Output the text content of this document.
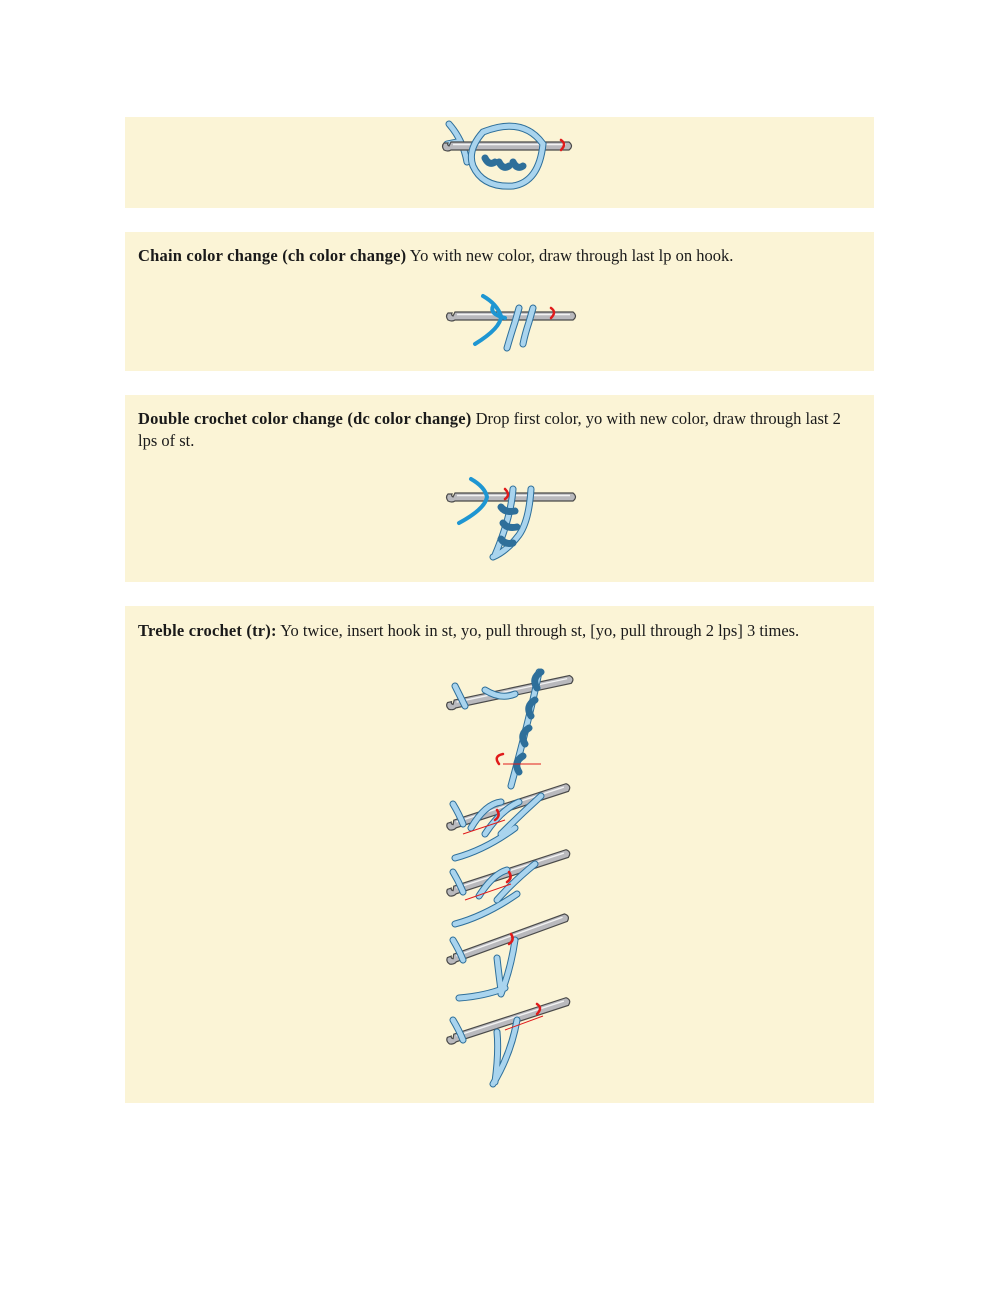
Chain color change (ch color change) Yo with new color, draw through last lp on hook.
Double crochet color change (dc color change) Drop first color, yo with new color, draw through last 2 lps of st.
Treble crochet (tr): Yo twice, insert hook in st, yo, pull through st, [yo, pull through 2 lps] 3 times.
